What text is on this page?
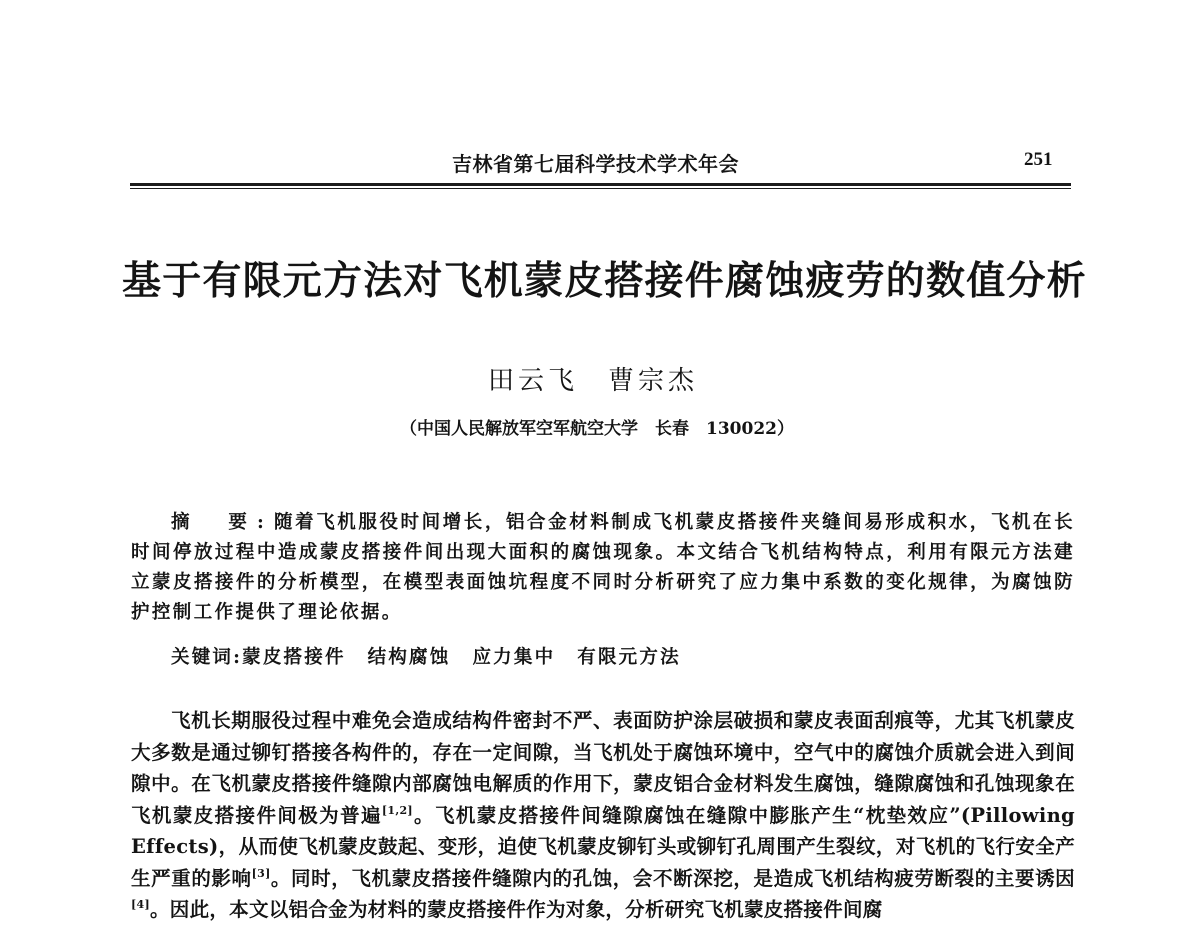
吉林省第七届科学技术学术年会	251
基于有限元方法对飞机蒙皮搭接件腐蚀疲劳的数值分析
田云飞　曹宗杰
（中国人民解放军空军航空大学　长春　130022）

摘　要:随着飞机服役时间增长，铝合金材料制成飞机蒙皮搭接件夹缝间易形成积水，飞机在长时间停放过程中造成蒙皮搭接件间出现大面积的腐蚀现象。本文结合飞机结构特点，利用有限元方法建立蒙皮搭接件的分析模型，在模型表面蚀坑程度不同时分析研究了应力集中系数的变化规律，为腐蚀防护控制工作提供了理论依据。

关键词:蒙皮搭接件 结构腐蚀 应力集中 有限元方法

飞机长期服役过程中难免会造成结构件密封不严、表面防护涂层破损和蒙皮表面刮痕等，尤其飞机蒙皮大多数是通过铆钉搭接各构件的，存在一定间隙，当飞机处于腐蚀环境中，空气中的腐蚀介质就会进入到间隙中。在飞机蒙皮搭接件缝隙内部腐蚀电解质的作用下，蒙皮铝合金材料发生腐蚀，缝隙腐蚀和孔蚀现象在飞机蒙皮搭接件间极为普遍[1,2]。飞机蒙皮搭接件间缝隙腐蚀在缝隙中膨胀产生“枕垫效应”(Pillowing Effects)，从而使飞机蒙皮鼓起、变形，迫使飞机蒙皮铆钉头或铆钉孔周围产生裂纹，对飞机的飞行安全产生严重的影响[3]。同时，飞机蒙皮搭接件缝隙内的孔蚀，会不断深挖，是造成飞机结构疲劳断裂的主要诱因[4]。因此，本文以铝合金为材料的蒙皮搭接件作为对象，分析研究飞机蒙皮搭接件间腐
